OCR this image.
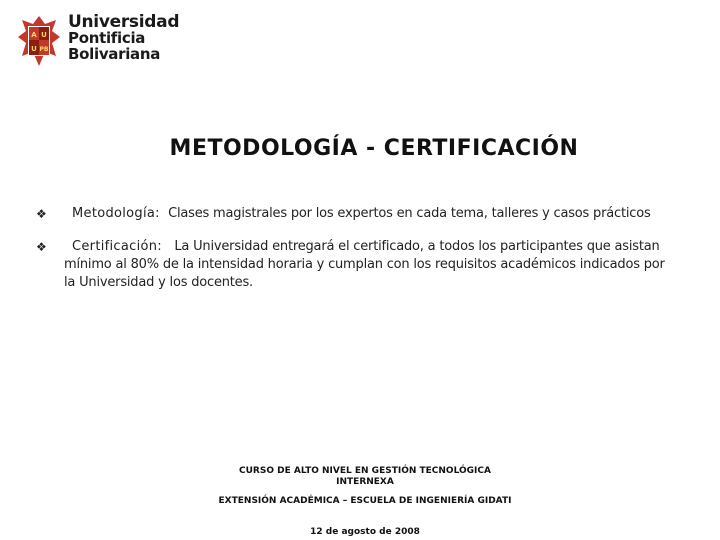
A U
U PB
Universidad
Pontificia
Bolivariana
METODOLOGÍA - CERTIFICACIÓN
❖ Metodología: Clases magistrales por los expertos en cada tema, talleres y casos prácticos
❖	Certificación: La Universidad entregará el certificado, a todos los participantes que asistan mínimo al 80% de la intensidad horaria y cumplan con los requisitos académicos indicados por la Universidad y los docentes.
CURSO DE ALTO NIVEL EN GESTIÓN TECNOLÓGICA INTERNEXA
EXTENSIÓN ACADÉMICA – ESCUELA DE INGENIERÍA GIDATI
12 de agosto de 2008
